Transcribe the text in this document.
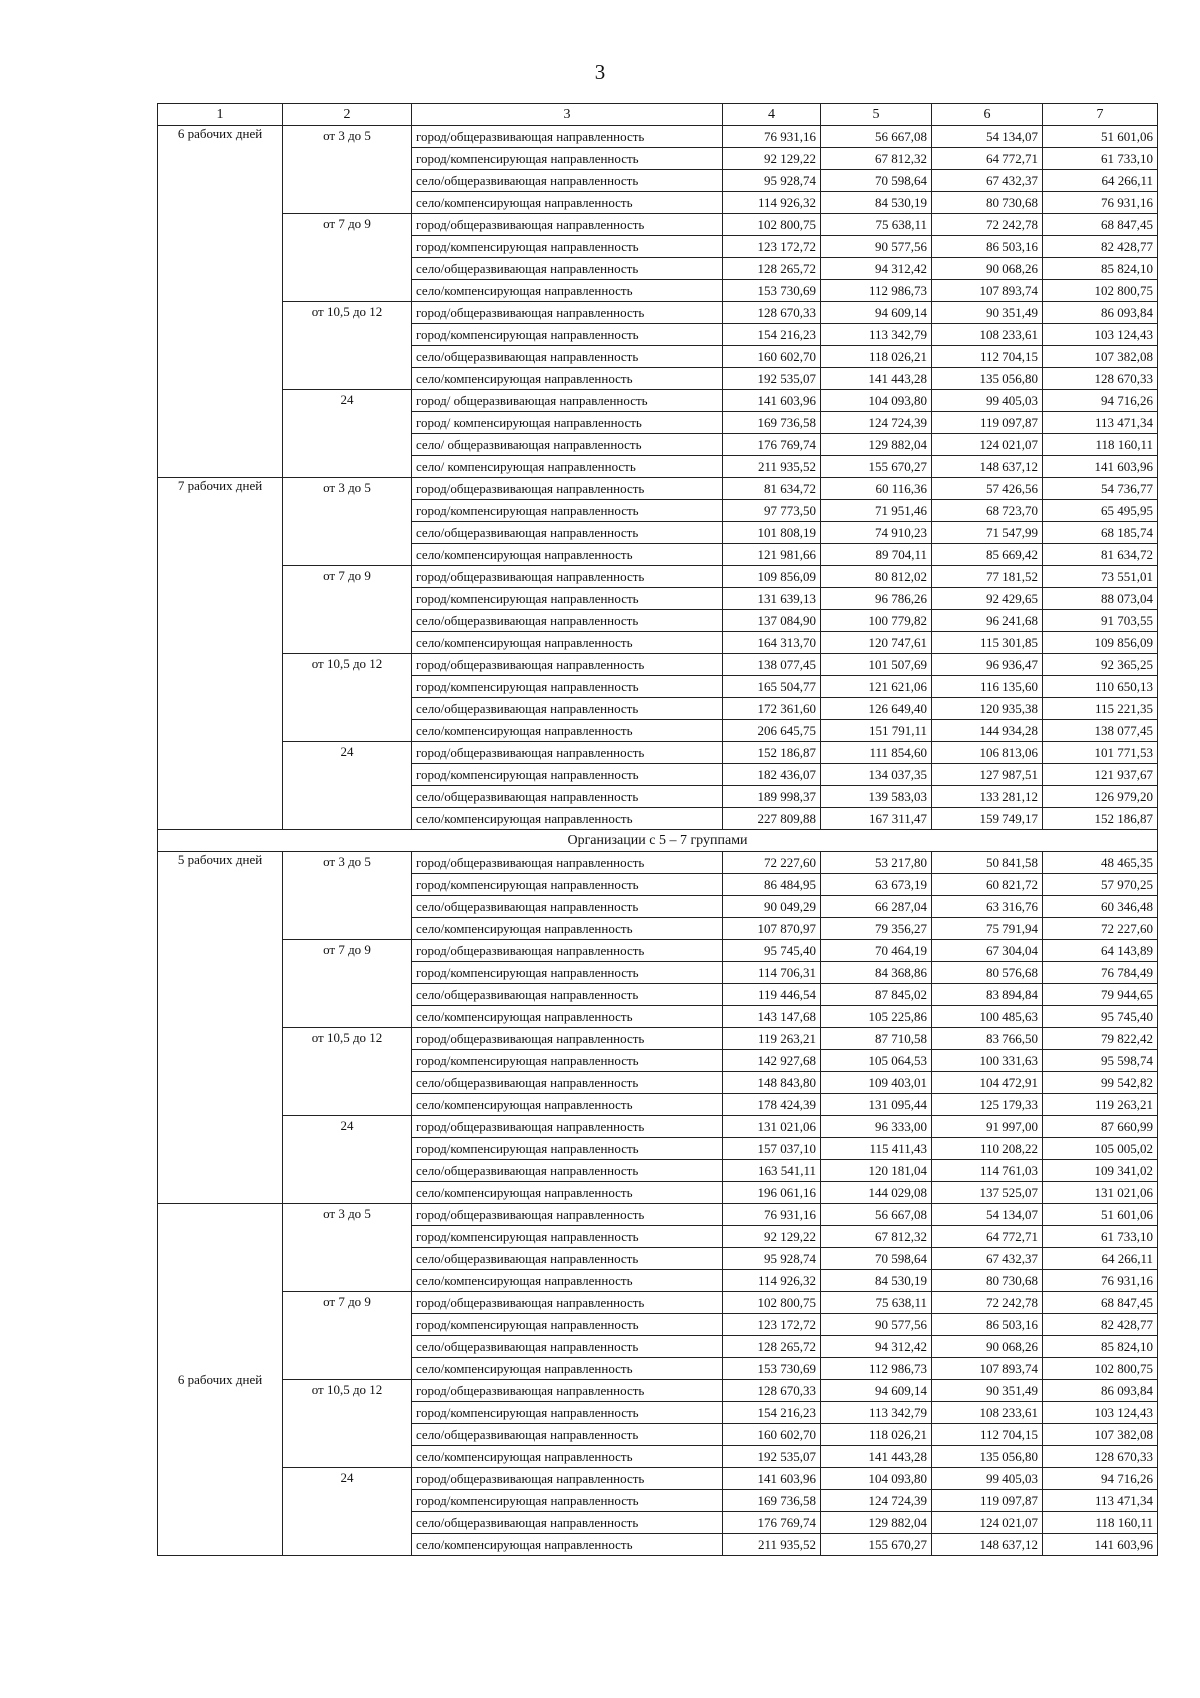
3
1	2	3	4	5	6	7

6 рабочих дней	от 3 до 5	город/общеразвивающая направленность	76 931,16	56 667,08	54 134,07	51 601,06
		город/компенсирующая направленность	92 129,22	67 812,32	64 772,71	61 733,10
		село/общеразвивающая направленность	95 928,74	70 598,64	67 432,37	64 266,11
		село/компенсирующая направленность	114 926,32	84 530,19	80 730,68	76 931,16
	от 7 до 9	город/общеразвивающая направленность	102 800,75	75 638,11	72 242,78	68 847,45
		город/компенсирующая направленность	123 172,72	90 577,56	86 503,16	82 428,77
		село/общеразвивающая направленность	128 265,72	94 312,42	90 068,26	85 824,10
		село/компенсирующая направленность	153 730,69	112 986,73	107 893,74	102 800,75
	от 10,5 до 12	город/общеразвивающая направленность	128 670,33	94 609,14	90 351,49	86 093,84
		город/компенсирующая направленность	154 216,23	113 342,79	108 233,61	103 124,43
		село/общеразвивающая направленность	160 602,70	118 026,21	112 704,15	107 382,08
		село/компенсирующая направленность	192 535,07	141 443,28	135 056,80	128 670,33
	24	город/ общеразвивающая направленность	141 603,96	104 093,80	99 405,03	94 716,26
		город/ компенсирующая направленность	169 736,58	124 724,39	119 097,87	113 471,34
		село/ общеразвивающая направленность	176 769,74	129 882,04	124 021,07	118 160,11
		село/ компенсирующая направленность	211 935,52	155 670,27	148 637,12	141 603,96

7 рабочих дней	от 3 до 5	город/общеразвивающая направленность	81 634,72	60 116,36	57 426,56	54 736,77
		город/компенсирующая направленность	97 773,50	71 951,46	68 723,70	65 495,95
		село/общеразвивающая направленность	101 808,19	74 910,23	71 547,99	68 185,74
		село/компенсирующая направленность	121 981,66	89 704,11	85 669,42	81 634,72
	от 7 до 9	город/общеразвивающая направленность	109 856,09	80 812,02	77 181,52	73 551,01
		город/компенсирующая направленность	131 639,13	96 786,26	92 429,65	88 073,04
		село/общеразвивающая направленность	137 084,90	100 779,82	96 241,68	91 703,55
		село/компенсирующая направленность	164 313,70	120 747,61	115 301,85	109 856,09
	от 10,5 до 12	город/общеразвивающая направленность	138 077,45	101 507,69	96 936,47	92 365,25
		город/компенсирующая направленность	165 504,77	121 621,06	116 135,60	110 650,13
		село/общеразвивающая направленность	172 361,60	126 649,40	120 935,38	115 221,35
		село/компенсирующая направленность	206 645,75	151 791,11	144 934,28	138 077,45
	24	город/общеразвивающая направленность	152 186,87	111 854,60	106 813,06	101 771,53
		город/компенсирующая направленность	182 436,07	134 037,35	127 987,51	121 937,67
		село/общеразвивающая направленность	189 998,37	139 583,03	133 281,12	126 979,20
		село/компенсирующая направленность	227 809,88	167 311,47	159 749,17	152 186,87
Организации с 5 – 7 группами						

5 рабочих дней	от 3 до 5	город/общеразвивающая направленность	72 227,60	53 217,80	50 841,58	48 465,35
		город/компенсирующая направленность	86 484,95	63 673,19	60 821,72	57 970,25
		село/общеразвивающая направленность	90 049,29	66 287,04	63 316,76	60 346,48
		село/компенсирующая направленность	107 870,97	79 356,27	75 791,94	72 227,60
	от 7 до 9	город/общеразвивающая направленность	95 745,40	70 464,19	67 304,04	64 143,89
		город/компенсирующая направленность	114 706,31	84 368,86	80 576,68	76 784,49
		село/общеразвивающая направленность	119 446,54	87 845,02	83 894,84	79 944,65
		село/компенсирующая направленность	143 147,68	105 225,86	100 485,63	95 745,40
	от 10,5 до 12	город/общеразвивающая направленность	119 263,21	87 710,58	83 766,50	79 822,42
		город/компенсирующая направленность	142 927,68	105 064,53	100 331,63	95 598,74
		село/общеразвивающая направленность	148 843,80	109 403,01	104 472,91	99 542,82
		село/компенсирующая направленность	178 424,39	131 095,44	125 179,33	119 263,21
	24	город/общеразвивающая направленность	131 021,06	96 333,00	91 997,00	87 660,99
		город/компенсирующая направленность	157 037,10	115 411,43	110 208,22	105 005,02
		село/общеразвивающая направленность	163 541,11	120 181,04	114 761,03	109 341,02
		село/компенсирующая направленность	196 061,16	144 029,08	137 525,07	131 021,06

6 рабочих дней	от 3 до 5	город/общеразвивающая направленность	76 931,16	56 667,08	54 134,07	51 601,06
		город/компенсирующая направленность	92 129,22	67 812,32	64 772,71	61 733,10
		село/общеразвивающая направленность	95 928,74	70 598,64	67 432,37	64 266,11
		село/компенсирующая направленность	114 926,32	84 530,19	80 730,68	76 931,16
	от 7 до 9	город/общеразвивающая направленность	102 800,75	75 638,11	72 242,78	68 847,45
		город/компенсирующая направленность	123 172,72	90 577,56	86 503,16	82 428,77
		село/общеразвивающая направленность	128 265,72	94 312,42	90 068,26	85 824,10
		село/компенсирующая направленность	153 730,69	112 986,73	107 893,74	102 800,75
	от 10,5 до 12	город/общеразвивающая направленность	128 670,33	94 609,14	90 351,49	86 093,84
		город/компенсирующая направленность	154 216,23	113 342,79	108 233,61	103 124,43
		село/общеразвивающая направленность	160 602,70	118 026,21	112 704,15	107 382,08
		село/компенсирующая направленность	192 535,07	141 443,28	135 056,80	128 670,33
	24	город/общеразвивающая направленность	141 603,96	104 093,80	99 405,03	94 716,26
		город/компенсирующая направленность	169 736,58	124 724,39	119 097,87	113 471,34
		село/общеразвивающая направленность	176 769,74	129 882,04	124 021,07	118 160,11
		село/компенсирующая направленность	211 935,52	155 670,27	148 637,12	141 603,96
